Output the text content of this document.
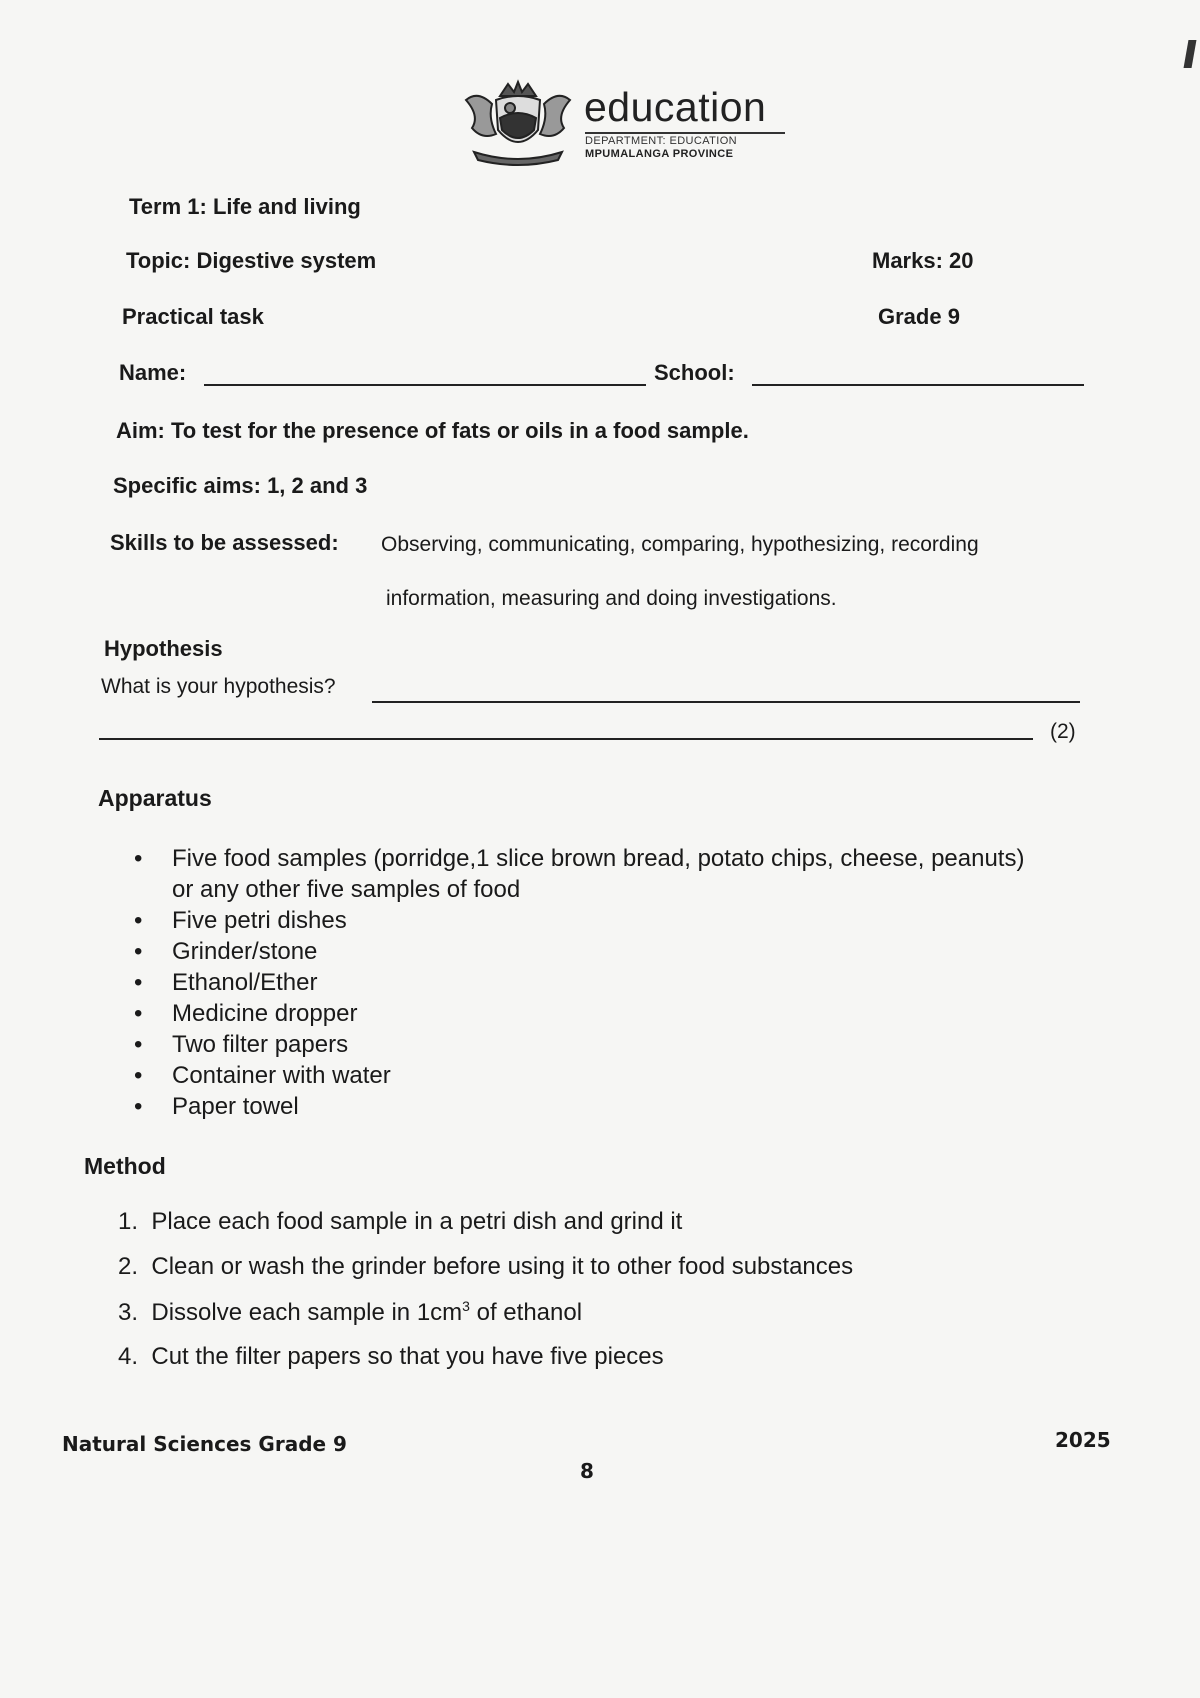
education
DEPARTMENT: EDUCATION
MPUMALANGA PROVINCE
Term 1: Life and living
Topic: Digestive system	Marks: 20
Practical task	Grade 9
Name:	School:
Aim: To test for the presence of fats or oils in a food sample.
Specific aims: 1, 2 and 3
Skills to be assessed: Observing, communicating, comparing, hypothesizing, recording
information, measuring and doing investigations.
Hypothesis
What is your hypothesis?
(2)
Apparatus
• Five food samples (porridge,1 slice brown bread, potato chips, cheese, peanuts)
or any other five samples of food
• Five petri dishes
• Grinder/stone
• Ethanol/Ether
• Medicine dropper
• Two filter papers
• Container with water
• Paper towel
Method
1. Place each food sample in a petri dish and grind it
2. Clean or wash the grinder before using it to other food substances
3. Dissolve each sample in $1cm^3$ of ethanol
4. Cut the filter papers so that you have five pieces
Natural Sciences Grade 9	2025
8
